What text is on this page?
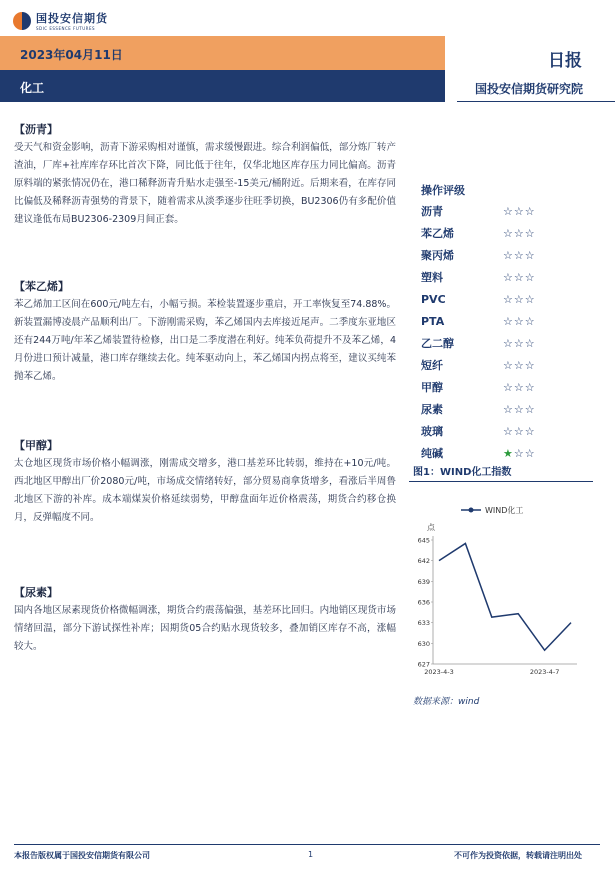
国投安信期货
SDIC ESSENCE FUTURES
2023年04月11日	日报
化工	国投安信期货研究院
【沥青】

受天气和资金影响，沥青下游采购相对谨慎，需求缓慢跟进。综合利润偏低，部分炼厂转产渣油，厂库+社库库存环比首次下降，同比低于往年，仅华北地区库存压力同比偏高。沥青原料端的紧张情况仍在，港口稀释沥青升贴水走强至-15美元/桶附近。后期来看，在库存同比偏低及稀释沥青强势的背景下，随着需求从淡季逐步往旺季切换，BU2306仍有多配价值建议逢低布局BU2306-2309月间正套。

【苯乙烯】

苯乙烯加工区间在600元/吨左右，小幅亏损。苯检装置逐步重启，开工率恢复至74.88%。新装置漏博凌晨产品顺利出厂。下游刚需采购，苯乙烯国内去库接近尾声。二季度东亚地区还有244万吨/年苯乙烯装置待检修，出口是二季度潜在利好。纯苯负荷提升不及苯乙烯，4月份进口预计减量，港口库存继续去化。纯苯驱动向上，苯乙烯国内拐点将至，建议买纯苯抛苯乙烯。

【甲醇】

太仓地区现货市场价格小幅调涨，刚需成交增多，港口基差环比转弱，维持在+10元/吨。西北地区甲醇出厂价2080元/吨，市场成交情绪转好，部分贸易商拿货增多，看涨后半周鲁北地区下游的补库。成本端煤炭价格延续弱势，甲醇盘面年近价格震荡，期货合约移仓换月，反弹幅度不同。

【尿素】

国内各地区尿素现货价格微幅调涨，期货合约震荡偏强，基差环比回归。内地销区现货市场情绪回温，部分下游试探性补库；因期货05合约贴水现货较多，叠加销区库存不高，涨幅较大。

操作评级
沥青	☆☆☆
苯乙烯	☆☆☆
聚丙烯	☆☆☆
塑料	☆☆☆
PVC	☆☆☆
PTA	☆☆☆
乙二醇	☆☆☆
短纤	☆☆☆
甲醇	☆☆☆
尿素	☆☆☆
玻璃	☆☆☆
纯碱	★☆☆
图1：WIND化工指数
WIND化工
点
627
630
633
636
639
642
645
2023-4-3	2023-4-7
数据来源：wind
本报告版权属于国投安信期货有限公司	1	不可作为投资依据，转载请注明出处
